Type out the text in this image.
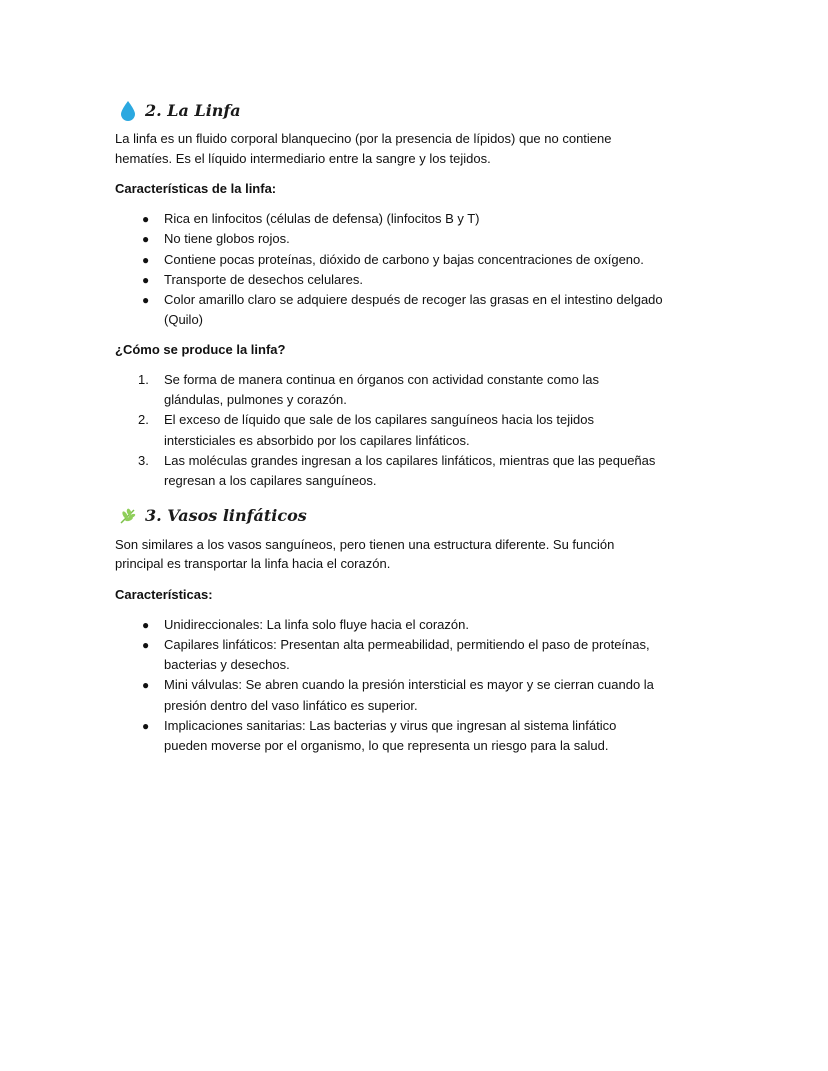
2. La Linfa
La linfa es un fluido corporal blanquecino (por la presencia de lípidos) que no contiene
hematíes. Es el líquido intermediario entre la sangre y los tejidos.
Características de la linfa:
● Rica en linfocitos (células de defensa) (linfocitos B y T)
● No tiene globos rojos.
● Contiene pocas proteínas, dióxido de carbono y bajas concentraciones de oxígeno.
● Transporte de desechos celulares.
● Color amarillo claro se adquiere después de recoger las grasas en el intestino delgado
(Quilo)
¿Cómo se produce la linfa?
1. Se forma de manera continua en órganos con actividad constante como las
glándulas, pulmones y corazón.
2. El exceso de líquido que sale de los capilares sanguíneos hacia los tejidos
intersticiales es absorbido por los capilares linfáticos.
3. Las moléculas grandes ingresan a los capilares linfáticos, mientras que las pequeñas
regresan a los capilares sanguíneos.
3. Vasos linfáticos
Son similares a los vasos sanguíneos, pero tienen una estructura diferente. Su función
principal es transportar la linfa hacia el corazón.
Características:
● Unidireccionales: La linfa solo fluye hacia el corazón.
● Capilares linfáticos: Presentan alta permeabilidad, permitiendo el paso de proteínas,
bacterias y desechos.
● Mini válvulas: Se abren cuando la presión intersticial es mayor y se cierran cuando la
presión dentro del vaso linfático es superior.
● Implicaciones sanitarias: Las bacterias y virus que ingresan al sistema linfático
pueden moverse por el organismo, lo que representa un riesgo para la salud.
